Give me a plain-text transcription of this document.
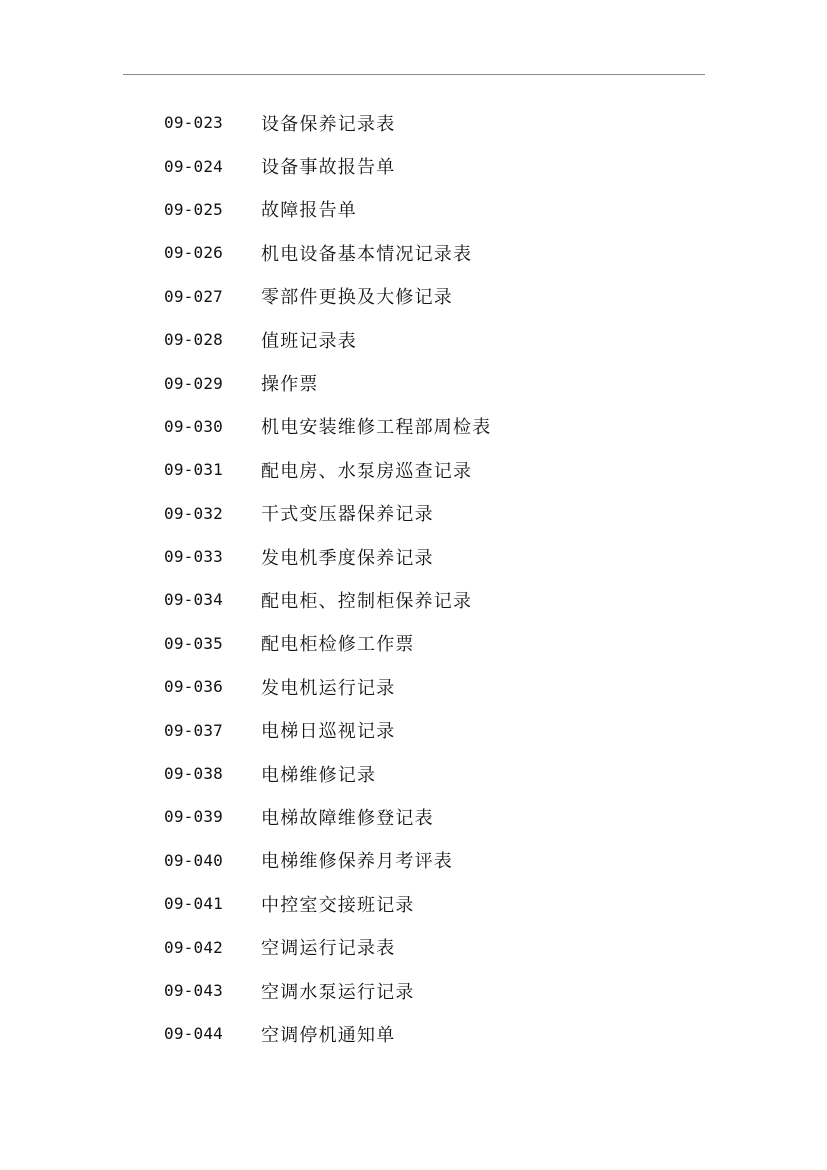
09-023	设备保养记录表
09-024	设备事故报告单
09-025	故障报告单
09-026	机电设备基本情况记录表
09-027	零部件更换及大修记录
09-028	值班记录表
09-029	操作票
09-030	机电安装维修工程部周检表
09-031	配电房、水泵房巡查记录
09-032	干式变压器保养记录
09-033	发电机季度保养记录
09-034	配电柜、控制柜保养记录
09-035	配电柜检修工作票
09-036	发电机运行记录
09-037	电梯日巡视记录
09-038	电梯维修记录
09-039	电梯故障维修登记表
09-040	电梯维修保养月考评表
09-041	中控室交接班记录
09-042	空调运行记录表
09-043	空调水泵运行记录
09-044	空调停机通知单
